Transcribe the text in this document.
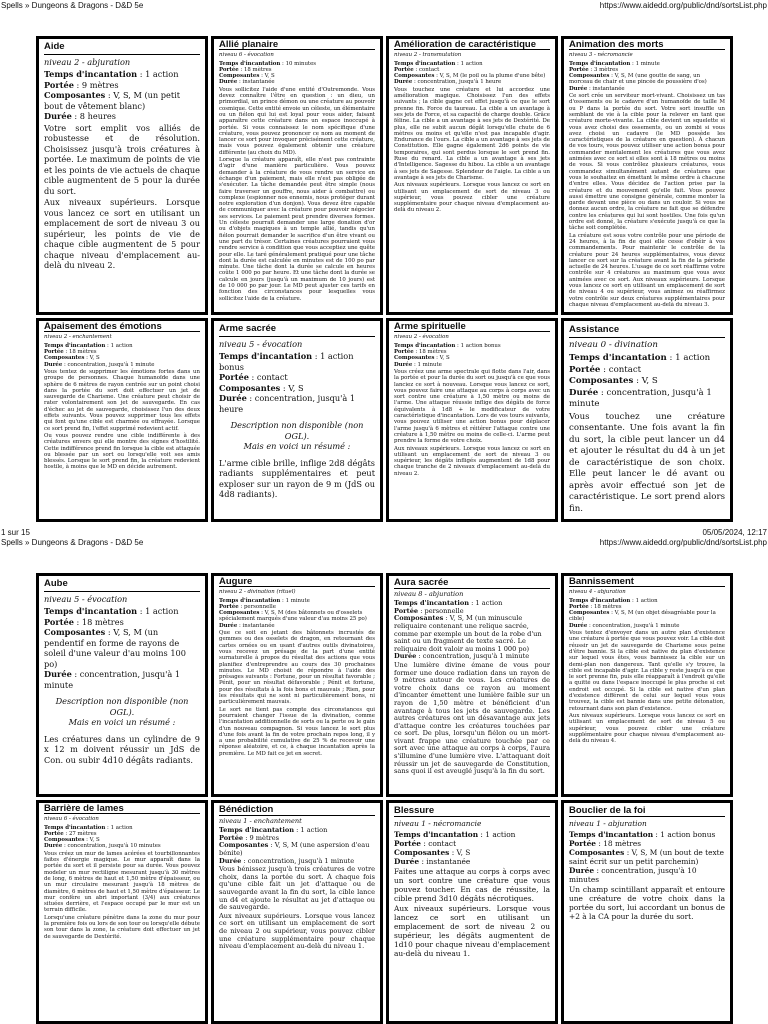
Spells » Dungeons & Dragons - D&D 5e	https://www.aidedd.org/public/dnd/sortsList.php
Aide
niveau 2 - abjuration
Temps d'incantation : 1 action
Portée : 9 mètres
Composantes : V, S, M (un petit bout de vêtement blanc)
Durée : 8 heures

Votre sort emplit vos alliés de robustesse et de résolution. Choisissez jusqu'à trois créatures à portée. Le maximum de points de vie et les points de vie actuels de chaque cible augmentent de 5 pour la durée du sort.

Aux niveaux supérieurs. Lorsque vous lancez ce sort en utilisant un emplacement de sort de niveau 3 ou supérieur, les points de vie de chaque cible augmentent de 5 pour chaque niveau d'emplacement au-delà du niveau 2.

Allié planaire
niveau 6 - évocation
Temps d'incantation : 10 minutes
Portée : 18 mètres
Composantes : V, S
Durée : instantanée

Vous sollicitez l'aide d'une entité d'Outremonde. Vous devez connaître l'être en question : un dieu, un primordial, un prince démon ou une créature au pouvoir cosmique. Cette entité envoie un céleste, un élémentaire ou un fiélon qui lui est loyal pour vous aider, faisant apparaître cette créature dans un espace inoccupé à portée. Si vous connaissez le nom spécifique d'une créature, vous pouvez prononcer ce nom au moment de lancer ce sort pour invoquer précisément cette créature, mais vous pouvez également obtenir une créature différente (au choix du MD).

Lorsque la créature apparaît, elle n'est pas contrainte d'agir d'une manière particulière. Vous pouvez demander à la créature de vous rendre un service en échange d'un paiement, mais elle n'est pas obligée de s'exécuter. La tâche demandée peut être simple (nous faire traverser un gouffre, nous aider à combattre) ou complexe (espionner nos ennemis, nous protéger durant notre exploration d'un donjon). Vous devez être capable de communiquer avec la créature pour pouvoir négocier ses services. Le paiement peut prendre diverses formes. Un céleste pourrait demander une large donation d'or ou d'objets magiques à un temple allié, tandis qu'un fiélon pourrait demander le sacrifice d'un être vivant ou une part du trésor. Certaines créatures pourraient vous rendre service à condition que vous acceptiez une quête pour elle. Le taré généralement pratiqué pour une tâche dont la durée est calculée en minutes est de 100 po par minute. Une tâche dont la durée se calcule en heures coûte 1 000 po par heure. Et une tâche dont la durée se calcule en jours (jusqu'à un maximum de 10 jours) est de 10 000 po par jour. Le MD peut ajuster ces tarifs en fonction des circonstances pour lesquelles vous sollicitez l'aide de la créature.

Amélioration de caractéristique
niveau 2 - transmutation
Temps d'incantation : 1 action
Portée : contact
Composantes : V, S, M (le poil ou la plume d'une bête)
Durée : concentration, jusqu'à 1 heure

Vous touchez une créature et lui accordez une amélioration magique. Choisissez l'un des effets suivants ; la cible gagne cet effet jusqu'à ce que le sort prenne fin. Force du taureau. La cible a un avantage à ses jets de Force, et sa capacité de charge double. Grâce féline. La cible a un avantage à ses jets de Dextérité. De plus, elle ne subit aucun dégât lorsqu'elle chute de 6 mètres ou moins et qu'elle n'est pas incapable d'agir. Endurance de l'ours. La cible a un avantage à ses jets de Constitution. Elle gagne également 2d6 points de vie temporaires, qui sont perdus lorsque le sort prend fin. Ruse du renard. La cible a un avantage à ses jets d'Intelligence. Sagesse du hibou. La cible a un avantage à ses jets de Sagesse. Splendeur de l'aigle. La cible a un avantage à ses jets de Charisme.

Aux niveaux supérieurs. Lorsque vous lancez ce sort en utilisant un emplacement de sort de niveau 3 ou supérieur, vous pouvez cibler une créature supplémentaire pour chaque niveau d'emplacement au-delà du niveau 2.

Animation des morts
niveau 3 - nécromancie
Temps d'incantation : 1 minute
Portée : 3 mètres
Composantes : V, S, M (une goutte de sang, un morceau de chair et une pincée de poussière d'os)
Durée : instantanée

Ce sort crée un serviteur mort-vivant. Choisissez un tas d'ossements ou le cadavre d'un humanoïde de taille M ou P dans la portée du sort. Votre sort insuffle un semblant de vie à la cible pour la relever en tant que créature morte-vivante. La cible devient un squelette si vous avez choisi des ossements, ou un zombi si vous avez choisi un cadavre (le MD possède les caractéristiques de la créature en question). À chacun de vos tours, vous pouvez utiliser une action bonus pour commander mentalement les créatures que vous avez animées avec ce sort si elles sont à 18 mètres ou moins de vous. Si vous contrôlez plusieurs créatures, vous commandez simultanément autant de créatures que vous le souhaitez en émettant le même ordre à chacune d'entre elles. Vous décidez de l'action prise par la créature et du mouvement qu'elle fait. Vous pouvez aussi émettre une consigne générale, comme monter la garde devant une pièce ou dans un couloir. Si vous ne donnez aucun ordre, la créature ne fait que se défendre contre les créatures qui lui sont hostiles. Une fois qu'un ordre est donné, la créature s'exécute jusqu'à ce que la tâche soit complétée.

La créature est sous votre contrôle pour une période de 24 heures, à la fin de quoi elle cesse d'obéir à vos commandements. Pour maintenir le contrôle de la créature pour 24 heures supplémentaires, vous devez lancer ce sort sur la créature avant la fin de la période actuelle de 24 heures. L'usage de ce sort réaffirme votre contrôle sur 4 créatures au maximum que vous avez animées avec ce sort. Aux niveaux supérieurs. Lorsque vous lancez ce sort en utilisant un emplacement de sort de niveau 4 ou supérieur, vous animez ou réaffirmez votre contrôle sur deux créatures supplémentaires pour chaque niveau d'emplacement au-delà du niveau 3.

Apaisement des émotions
niveau 2 - enchantement
Temps d'incantation : 1 action
Portée : 18 mètres
Composantes : V, S
Durée : concentration, jusqu'à 1 minute

Vous tentez de supprimer les émotions fortes dans un groupe de personnes. Chaque humanoïde dans une sphère de 6 mètres de rayon centrée sur un point choisi dans la portée du sort doit effectuer un jet de sauvegarde de Charisme. Une créature peut choisir de rater volontairement son jet de sauvegarde. En cas d'échec au jet de sauvegarde, choisissez l'un des deux effets suivants. Vous pouvez supprimer tous les effets qui font qu'une cible est charmée ou effrayée. Lorsque ce sort prend fin, l'effet supprimé redevient actif.

Ou vous pouvez rendre une cible indifférente à des créatures envers qui elle montre des signes d'hostilité. Cette indifférence prend fin lorsque la cible est attaquée ou blessée par un sort ou lorsqu'elle voit ses amis blessés. Lorsque le sort prend fin, la créature redevient hostile, à moins que le MD en décide autrement.

Arme sacrée
niveau 5 - évocation
Temps d'incantation : 1 action bonus
Portée : contact
Composantes : V, S
Durée : concentration, jusqu'à 1 heure
Description non disponible (non OGL).
Mais en voici un résumé :

L'arme cible brille, inflige 2d8 dégâts radiants supplémentaires et peut exploser sur un rayon de 9 m (JdS ou 4d8 radiants).

Arme spirituelle
niveau 2 - évocation
Temps d'incantation : 1 action bonus
Portée : 18 mètres
Composantes : V, S
Durée : 1 minute

Vous créez une arme spectrale qui flotte dans l'air, dans la portée et pour la durée du sort ou jusqu'à ce que vous lanciez ce sort à nouveau. Lorsque vous lancez ce sort, vous pouvez faire une attaque au corps à corps avec un sort contre une créature à 1,50 mètre ou moins de l'arme. Une attaque réussie inflige des dégâts de force équivalents à 1d8 + le modificateur de votre caractéristique d'incantation. Lors de vos tours suivants, vous pouvez utiliser une action bonus pour déplacer l'arme jusqu'à 6 mètres et réitérer l'attaque contre une créature à 1,50 mètre ou moins de celle-ci. L'arme peut prendre la forme de votre choix.

Aux niveaux supérieurs. Lorsque vous lancez ce sort en utilisant un emplacement de sort de niveau 3 ou supérieur, les dégâts infligés augmentent de 1d8 pour chaque tranche de 2 niveaux d'emplacement au-delà du niveau 2.

Assistance
niveau 0 - divination
Temps d'incantation : 1 action
Portée : contact
Composantes : V, S
Durée : concentration, jusqu'à 1 minute

Vous touchez une créature consentante. Une fois avant la fin du sort, la cible peut lancer un d4 et ajouter le résultat du d4 à un jet de caractéristique de son choix. Elle peut lancer le dé avant ou après avoir effectué son jet de caractéristique. Le sort prend alors fin.

1 sur 15	05/05/2024, 12:17
Spells » Dungeons & Dragons - D&D 5e	https://www.aidedd.org/public/dnd/sortsList.php
Aube
niveau 5 - évocation
Temps d'incantation : 1 action
Portée : 18 mètres
Composantes : V, S, M (un pendentif en forme de rayons de soleil d'une valeur d'au moins 100 po)
Durée : concentration, jusqu'à 1 minute
Description non disponible (non OGL).
Mais en voici un résumé :

Les créatures dans un cylindre de 9 x 12 m doivent réussir un JdS de Con. ou subir 4d10 dégâts radiants.

Augure
niveau 2 - divination (rituel)
Temps d'incantation : 1 minute
Portée : personnelle
Composantes : V, S, M (des bâtonnets ou d'osselets spécialement marqués d'une valeur d'au moins 25 po)
Durée : instantanée

Que ce soit en jetant des bâtonnets incrustés de gemmes ou des osselets de dragon, en retournant des cartes ornées ou en usant d'autres outils divinatoires, vous recevez un présage de la part d'une entité surnaturelle à propos du résultat des actions que vous planifiez d'entreprendre au cours des 30 prochaines minutes. Le MD choisit de répondre à l'aide des présages suivants : Fortune, pour un résultat favorable ; Pénit, pour un résultat défavorable ; Pénit et fortune, pour des résultats à la fois bons et mauvais ; Rien, pour les résultats qui ne sont ni particulièrement bons, ni particulièrement mauvais.

Le sort ne tient pas compte des circonstances qui pourraient changer l'issue de la divination, comme l'incantation additionnelle de sorts ou la perte ou le gain d'un nouveau compagnon. Si vous lancez le sort plus d'une fois avant la fin de votre prochain repos long, il y a une probabilité cumulative de 25 % de recevoir une réponse aléatoire, et ce, à chaque incantation après la première. Le MD fait ce jet en secret.

Aura sacrée
niveau 8 - abjuration
Temps d'incantation : 1 action
Portée : personnelle
Composantes : V, S, M (un minuscule reliquaire contenant une relique sacrée, comme par exemple un bout de la robe d'un saint ou un fragment de texte sacré. Le reliquaire doit valoir au moins 1 000 po)
Durée : concentration, jusqu'à 1 minute

Une lumière divine émane de vous pour former une douce radiation dans un rayon de 9 mètres autour de vous. Les créatures de votre choix dans ce rayon au moment d'incanter émettent une lumière faible sur un rayon de 1,50 mètre et bénéficient d'un avantage à tous les jets de sauvegarde. Les autres créatures ont un désavantage aux jets d'attaque contre les créatures touchées par ce sort. De plus, lorsqu'un fiélon ou un mort-vivant frappe une créature touchée par ce sort avec une attaque au corps à corps, l'aura s'illumine d'une lumière vive. L'attaquant doit réussir un jet de sauvegarde de Constitution, sans quoi il est aveuglé jusqu'à la fin du sort.

Bannissement
niveau 4 - abjuration
Temps d'incantation : 1 action
Portée : 18 mètres
Composantes : V, S, M (un objet désagréable pour la cible)
Durée : concentration, jusqu'à 1 minute

Vous tentez d'envoyer dans un autre plan d'existence une créature à portée que vous pouvez voir. La cible doit réussir un jet de sauvegarde de Charisme sous peine d'être bannie. Si la cible est native du plan d'existence sur lequel vous êtes, vous bannissez la cible sur un demi-plan non dangereux. Tant qu'elle s'y trouve, la cible est incapable d'agir. La cible y reste jusqu'à ce que le sort prenne fin, puis elle réapparaît à l'endroit qu'elle a quitté ou dans l'espace inoccupé le plus proche si cet endroit est occupé. Si la cible est native d'un plan d'existence différent de celui sur lequel vous vous trouvez, la cible est bannie dans une petite détonation, retournant dans son plan d'existence.

Aux niveaux supérieurs. Lorsque vous lancez ce sort en utilisant un emplacement de sort de niveau 5 ou supérieur, vous pouvez cibler une créature supplémentaire pour chaque niveau d'emplacement au-delà du niveau 4.

Barrière de lames
niveau 6 - évocation
Temps d'incantation : 1 action
Portée : 27 mètres
Composantes : V, S
Durée : concentration, jusqu'à 10 minutes

Vous créez un mur de lames acérées et tourbillonnantes faites d'énergie magique. Le mur apparaît dans la portée du sort et il persiste pour sa durée. Vous pouvez modeler un mur rectiligne mesurant jusqu'à 30 mètres de long, 6 mètres de haut et 1,50 mètre d'épaisseur, ou un mur circulaire mesurant jusqu'à 18 mètres de diamètre, 6 mètres de haut et 1,50 mètre d'épaisseur. Le mur confère un abri important (3/4) aux créatures situées derrière, et l'espace occupé par le mur est un terrain difficile.

Lorsqu'une créature pénètre dans la zone du mur pour la première fois ou lors de son tour ou lorsqu'elle débute son tour dans la zone, la créature doit effectuer un jet de sauvegarde de Dextérité.

Bénédiction
niveau 1 - enchantement
Temps d'incantation : 1 action
Portée : 9 mètres
Composantes : V, S, M (une aspersion d'eau bénite)
Durée : concentration, jusqu'à 1 minute

Vous bénissez jusqu'à trois créatures de votre choix, dans la portée du sort. À chaque fois qu'une cible fait un jet d'attaque ou de sauvegarde avant la fin du sort, la cible lance un d4 et ajoute le résultat au jet d'attaque ou de sauvegarde.

Aux niveaux supérieurs. Lorsque vous lancez ce sort en utilisant un emplacement de sort de niveau 2 ou supérieur, vous pouvez cibler une créature supplémentaire pour chaque niveau d'emplacement au-delà du niveau 1.

Blessure
niveau 1 - nécromancie
Temps d'incantation : 1 action
Portée : contact
Composantes : V, S
Durée : instantanée

Faites une attaque au corps à corps avec un sort contre une créature que vous pouvez toucher. En cas de réussite, la cible prend 3d10 dégâts nécrotiques.

Aux niveaux supérieurs. Lorsque vous lancez ce sort en utilisant un emplacement de sort de niveau 2 ou supérieur, les dégâts augmentent de 1d10 pour chaque niveau d'emplacement au-delà du niveau 1.

Bouclier de la foi
niveau 1 - abjuration
Temps d'incantation : 1 action bonus
Portée : 18 mètres
Composantes : V, S, M (un bout de texte saint écrit sur un petit parchemin)
Durée : concentration, jusqu'à 10 minutes

Un champ scintillant apparaît et entoure une créature de votre choix dans la portée du sort, lui accordant un bonus de +2 à la CA pour la durée du sort.
